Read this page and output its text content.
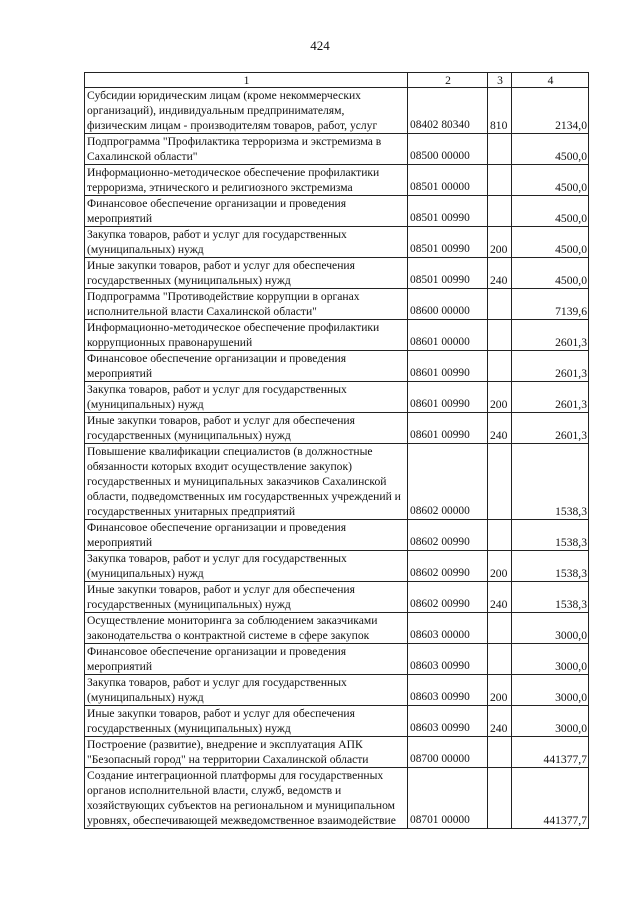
424
1	2	3	4
Субсидии юридическим лицам (кроме некоммерческих организаций), индивидуальным предпринимателям, физическим лицам - производителям товаров, работ, услуг	08402 80340	810	2134,0
Подпрограмма "Профилактика терроризма и экстремизма в Сахалинской области"	08500 00000		4500,0
Информационно-методическое обеспечение профилактики терроризма, этнического и религиозного экстремизма	08501 00000		4500,0
Финансовое обеспечение организации и проведения мероприятий	08501 00990		4500,0
Закупка товаров, работ и услуг для государственных (муниципальных) нужд	08501 00990	200	4500,0
Иные закупки товаров, работ и услуг для обеспечения государственных (муниципальных) нужд	08501 00990	240	4500,0
Подпрограмма "Противодействие коррупции в органах исполнительной власти Сахалинской области"	08600 00000		7139,6
Информационно-методическое обеспечение профилактики коррупционных правонарушений	08601 00000		2601,3
Финансовое обеспечение организации и проведения мероприятий	08601 00990		2601,3
Закупка товаров, работ и услуг для государственных (муниципальных) нужд	08601 00990	200	2601,3
Иные закупки товаров, работ и услуг для обеспечения государственных (муниципальных) нужд	08601 00990	240	2601,3
Повышение квалификации специалистов (в должностные обязанности которых входит осуществление закупок) государственных и муниципальных заказчиков Сахалинской области, подведомственных им государственных учреждений и государственных унитарных предприятий	08602 00000		1538,3
Финансовое обеспечение организации и проведения мероприятий	08602 00990		1538,3
Закупка товаров, работ и услуг для государственных (муниципальных) нужд	08602 00990	200	1538,3
Иные закупки товаров, работ и услуг для обеспечения государственных (муниципальных) нужд	08602 00990	240	1538,3
Осуществление мониторинга за соблюдением заказчиками законодательства о контрактной системе в сфере закупок	08603 00000		3000,0
Финансовое обеспечение организации и проведения мероприятий	08603 00990		3000,0
Закупка товаров, работ и услуг для государственных (муниципальных) нужд	08603 00990	200	3000,0
Иные закупки товаров, работ и услуг для обеспечения государственных (муниципальных) нужд	08603 00990	240	3000,0
Построение (развитие), внедрение и эксплуатация АПК "Безопасный город" на территории Сахалинской области	08700 00000		441377,7
Создание интеграционной платформы для государственных органов исполнительной власти, служб, ведомств и хозяйствующих субъектов на региональном и муниципальном уровнях, обеспечивающей межведомственное взаимодействие	08701 00000		441377,7
